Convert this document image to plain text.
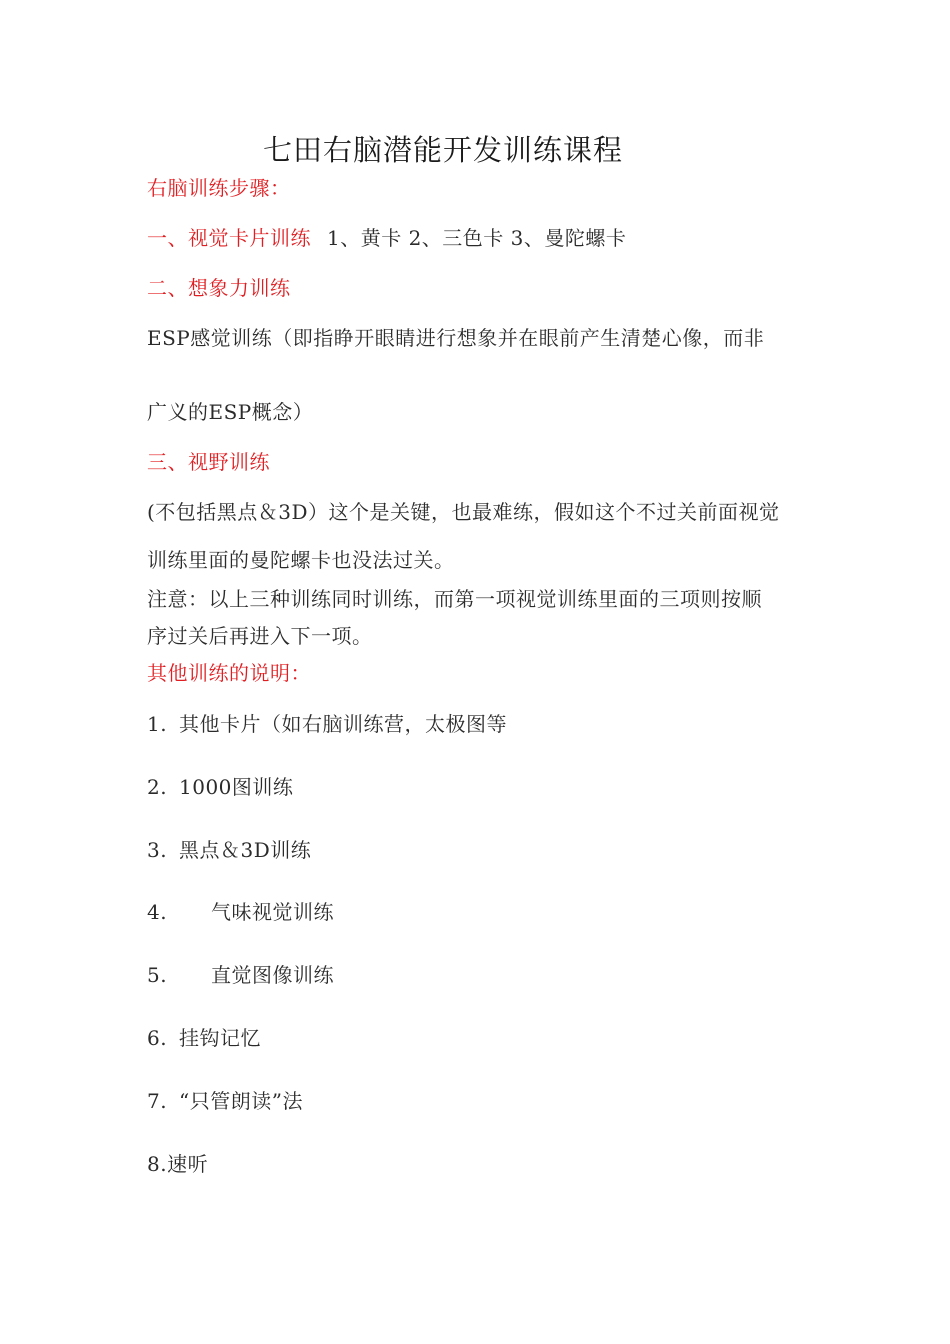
七田右脑潜能开发训练课程
右脑训练步骤：
一、视觉卡片训练 1、黄卡 2、三色卡 3、曼陀螺卡
二、想象力训练
ESP感觉训练（即指睁开眼睛进行想象并在眼前产生清楚心像，而非
广义的ESP概念）
三、视野训练
(不包括黑点＆3D）这个是关键，也最难练，假如这个不过关前面视觉
训练里面的曼陀螺卡也没法过关。
注意：以上三种训练同时训练，而第一项视觉训练里面的三项则按顺
序过关后再进入下一项。
其他训练的说明：
1. 其他卡片（如右脑训练营，太极图等
2. 1000图训练
3. 黑点＆3D训练
4. 气味视觉训练
5. 直觉图像训练
6. 挂钩记忆
7. “只管朗读”法
8.速听
